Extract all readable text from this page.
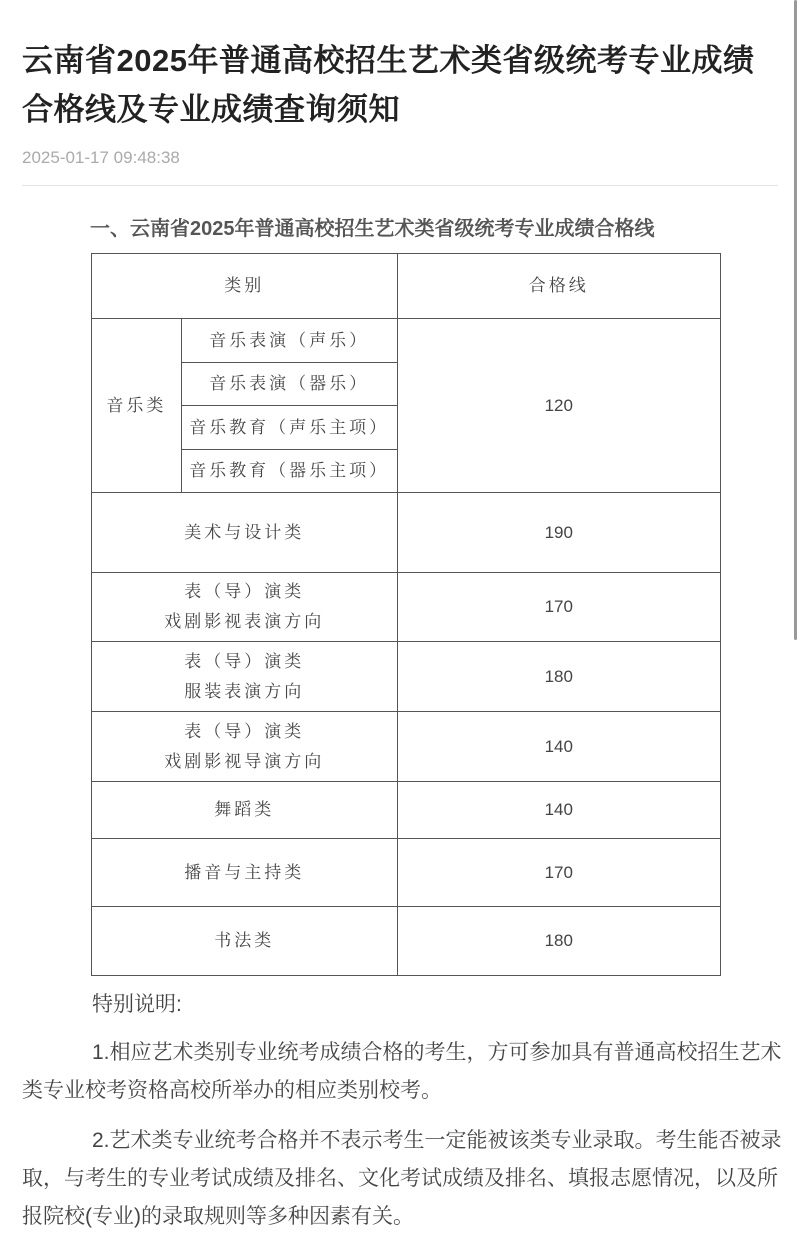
云南省2025年普通高校招生艺术类省级统考专业成绩合格线及专业成绩查询须知
2025-01-17 09:48:38
一、云南省2025年普通高校招生艺术类省级统考专业成绩合格线
类别		合格线
音乐类	音乐表演（声乐）	120
	音乐表演（器乐）	
	音乐教育（声乐主项）	
	音乐教育（器乐主项）	

美术与设计类		190

表（导）演类
戏剧影视表演方向		170

表（导）演类
服装表演方向		180

表（导）演类
戏剧影视导演方向		140

舞蹈类		140

播音与主持类		170

书法类		180

特别说明:

1.相应艺术类别专业统考成绩合格的考生，方可参加具有普通高校招生艺术类专业校考资格高校所举办的相应类别校考。

2.艺术类专业统考合格并不表示考生一定能被该类专业录取。考生能否被录取，与考生的专业考试成绩及排名、文化考试成绩及排名、填报志愿情况，以及所报院校(专业)的录取规则等多种因素有关。
